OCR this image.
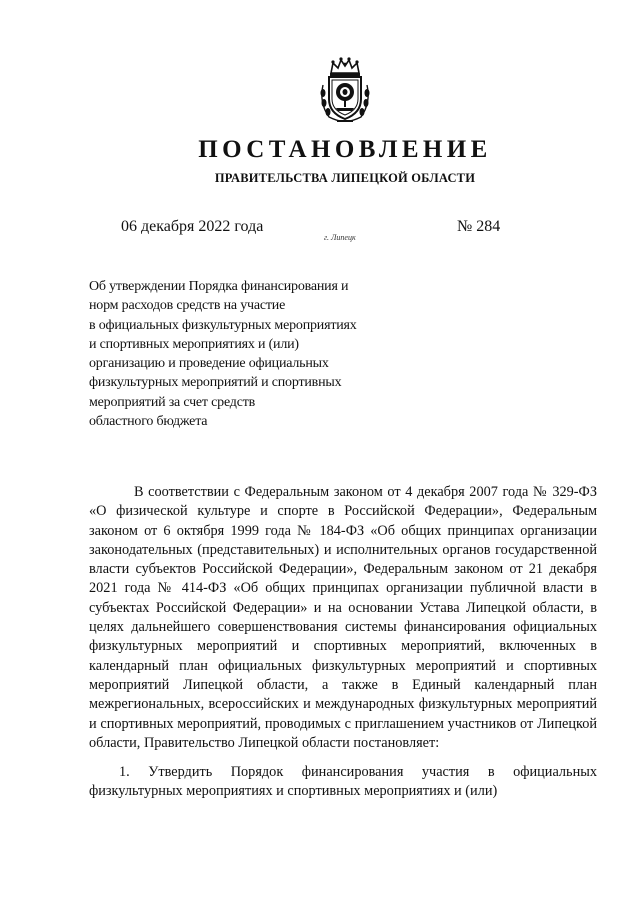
ПОСТАНОВЛЕНИЕ
ПРАВИТЕЛЬСТВА ЛИПЕЦКОЙ ОБЛАСТИ
06 декабря 2022 года
г. Липецк
№ 284
Об утверждении Порядка финансирования и
норм расходов средств на участие
в официальных физкультурных мероприятиях
и спортивных мероприятиях и (или)
организацию и проведение официальных
физкультурных мероприятий и спортивных
мероприятий за счет средств
областного бюджета

В соответствии с Федеральным законом от 4 декабря 2007 года № 329-ФЗ «О физической культуре и спорте в Российской Федерации», Федеральным законом от 6 октября 1999 года № 184-ФЗ «Об общих принципах организации законодательных (представительных) и исполнительных органов государственной власти субъектов Российской Федерации», Федеральным законом от 21 декабря 2021 года № 414-ФЗ «Об общих принципах организации публичной власти в субъектах Российской Федерации» и на основании Устава Липецкой области, в целях дальнейшего совершенствования системы финансирования официальных физкультурных мероприятий и спортивных мероприятий, включенных в календарный план официальных физкультурных мероприятий и спортивных мероприятий Липецкой области, а также в Единый календарный план межрегиональных, всероссийских и международных физкультурных мероприятий и спортивных мероприятий, проводимых с приглашением участников от Липецкой области, Правительство Липецкой области постановляет:

1. Утвердить Порядок финансирования участия в официальных физкультурных мероприятиях и спортивных мероприятиях и (или)
